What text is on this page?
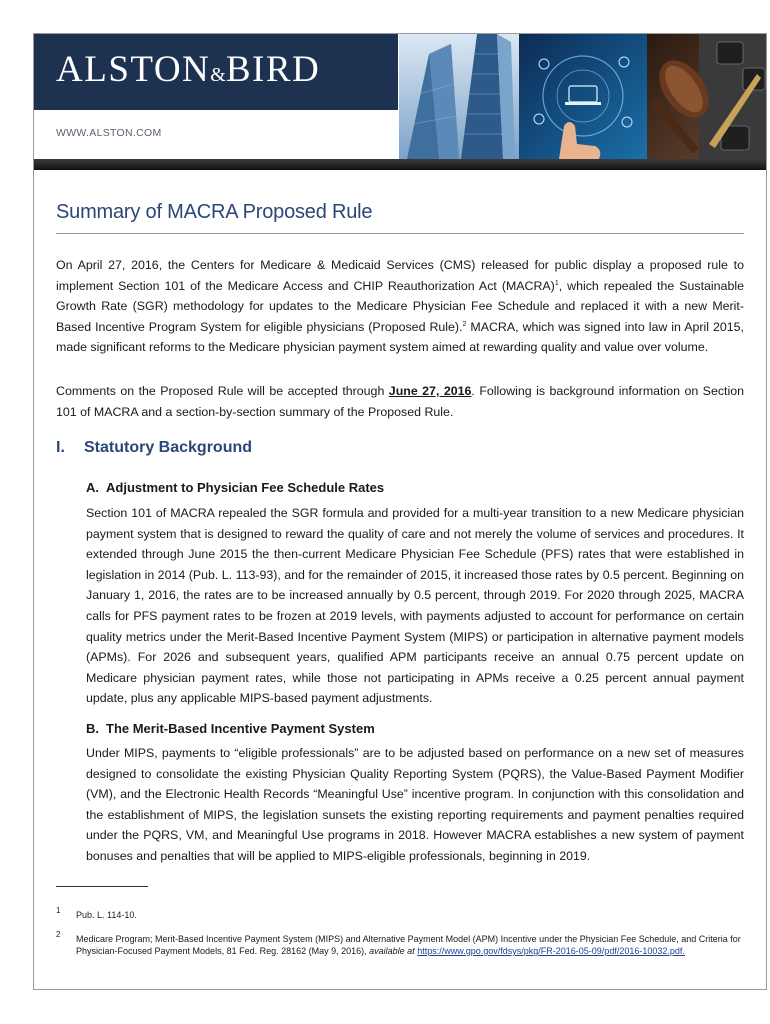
ALSTON&BIRD
WWW.ALSTON.COM
Summary of MACRA Proposed Rule

On April 27, 2016, the Centers for Medicare & Medicaid Services (CMS) released for public display a proposed rule to implement Section 101 of the Medicare Access and CHIP Reauthorization Act (MACRA)$^1$, which repealed the Sustainable Growth Rate (SGR) methodology for updates to the Medicare Physician Fee Schedule and replaced it with a new Merit-Based Incentive Program System for eligible physicians (Proposed Rule).$^2$ MACRA, which was signed into law in April 2015, made significant reforms to the Medicare physician payment system aimed at rewarding quality and value over volume.

Comments on the Proposed Rule will be accepted through June 27, 2016. Following is background information on Section 101 of MACRA and a section-by-section summary of the Proposed Rule.

I. Statutory Background
A. Adjustment to Physician Fee Schedule Rates

Section 101 of MACRA repealed the SGR formula and provided for a multi-year transition to a new Medicare physician payment system that is designed to reward the quality of care and not merely the volume of services and procedures. It extended through June 2015 the then-current Medicare Physician Fee Schedule (PFS) rates that were established in legislation in 2014 (Pub. L. 113-93), and for the remainder of 2015, it increased those rates by 0.5 percent. Beginning on January 1, 2016, the rates are to be increased annually by 0.5 percent, through 2019. For 2020 through 2025, MACRA calls for PFS payment rates to be frozen at 2019 levels, with payments adjusted to account for performance on certain quality metrics under the Merit-Based Incentive Payment System (MIPS) or participation in alternative payment models (APMs). For 2026 and subsequent years, qualified APM participants receive an annual 0.75 percent update on Medicare physician payment rates, while those not participating in APMs receive a 0.25 percent annual payment update, plus any applicable MIPS-based payment adjustments.

B. The Merit-Based Incentive Payment System

Under MIPS, payments to “eligible professionals” are to be adjusted based on performance on a new set of measures designed to consolidate the existing Physician Quality Reporting System (PQRS), the Value-Based Payment Modifier (VM), and the Electronic Health Records “Meaningful Use” incentive program. In conjunction with this consolidation and the establishment of MIPS, the legislation sunsets the existing reporting requirements and payment penalties required under the PQRS, VM, and Meaningful Use programs in 2018. However MACRA establishes a new system of payment bonuses and penalties that will be applied to MIPS-eligible professionals, beginning in 2019.

1 Pub. L. 114-10.
2 Medicare Program; Merit-Based Incentive Payment System (MIPS) and Alternative Payment Model (APM) Incentive under the Physician Fee Schedule, and Criteria for Physician-Focused Payment Models, 81 Fed. Reg. 28162 (May 9, 2016), available at https://www.gpo.gov/fdsys/pkg/FR-2016-05-09/pdf/2016-10032.pdf.
